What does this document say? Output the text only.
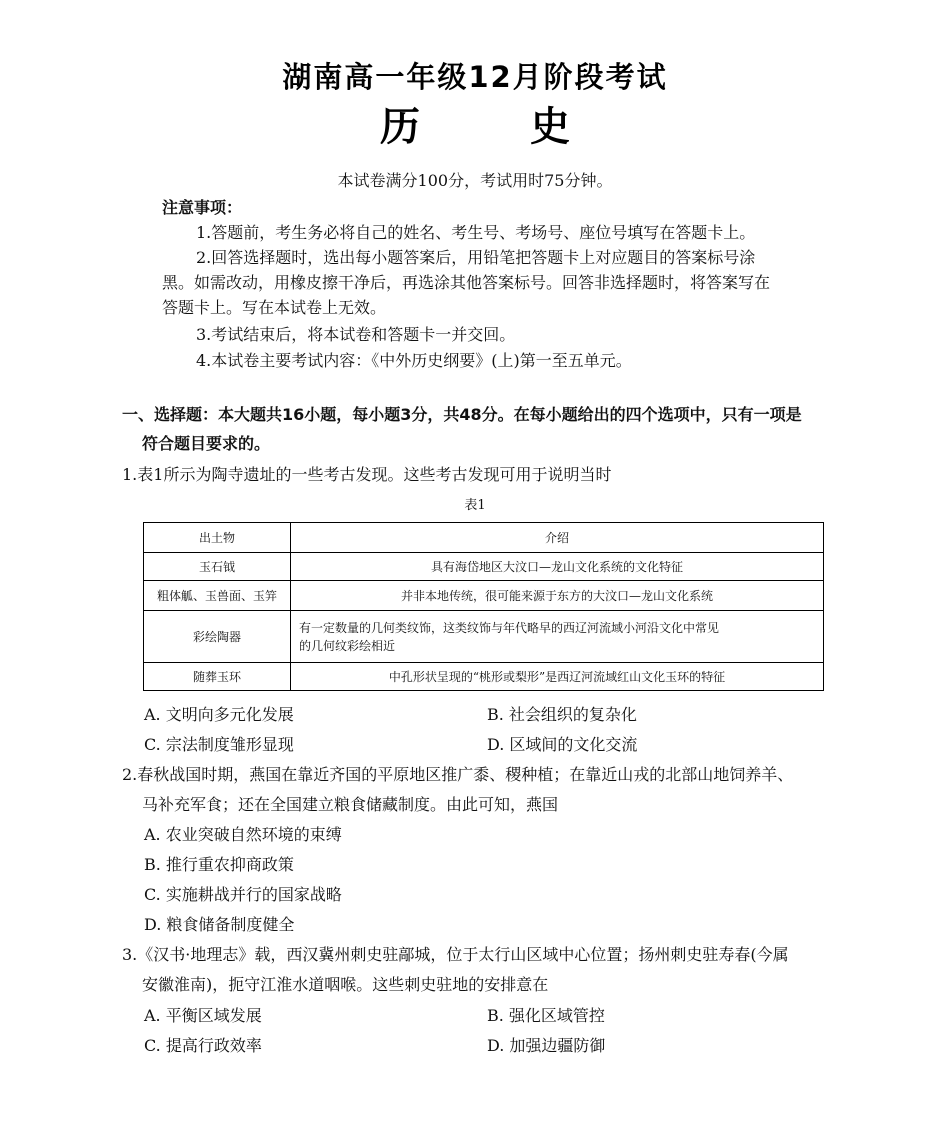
湖南高一年级12月阶段考试
历	史
本试卷满分100分，考试用时75分钟。
注意事项：
1.答题前，考生务必将自己的姓名、考生号、考场号、座位号填写在答题卡上。
2.回答选择题时，选出每小题答案后，用铅笔把答题卡上对应题目的答案标号涂
黑。如需改动，用橡皮擦干净后，再选涂其他答案标号。回答非选择题时，将答案写在
答题卡上。写在本试卷上无效。
3.考试结束后，将本试卷和答题卡一并交回。
4.本试卷主要考试内容：《中外历史纲要》(上)第一至五单元。
一、选择题：本大题共16小题，每小题3分，共48分。在每小题给出的四个选项中，只有一项是
符合题目要求的。
1.表1所示为陶寺遗址的一些考古发现。这些考古发现可用于说明当时
表1
出土物	介绍
玉石钺	具有海岱地区大汶口—龙山文化系统的文化特征
粗体觚、玉兽面、玉笄	并非本地传统，很可能来源于东方的大汶口—龙山文化系统
彩绘陶器	有一定数量的几何类纹饰，这类纹饰与年代略早的西辽河流域小河沿文化中常见
的几何纹彩绘相近

随葬玉环	中孔形状呈现的“桃形或梨形”是西辽河流域红山文化玉环的特征
A. 文明向多元化发展	B. 社会组织的复杂化
C. 宗法制度雏形显现	D. 区域间的文化交流
2.春秋战国时期，燕国在靠近齐国的平原地区推广黍、稷种植；在靠近山戎的北部山地饲养羊、
马补充军食；还在全国建立粮食储藏制度。由此可知，燕国
A. 农业突破自然环境的束缚
B. 推行重农抑商政策
C. 实施耕战并行的国家战略
D. 粮食储备制度健全
3.《汉书·地理志》载，西汉冀州刺史驻鄗城，位于太行山区域中心位置；扬州刺史驻寿春(今属
安徽淮南)，扼守江淮水道咽喉。这些刺史驻地的安排意在
A. 平衡区域发展	B. 强化区域管控
C. 提高行政效率	D. 加强边疆防御
